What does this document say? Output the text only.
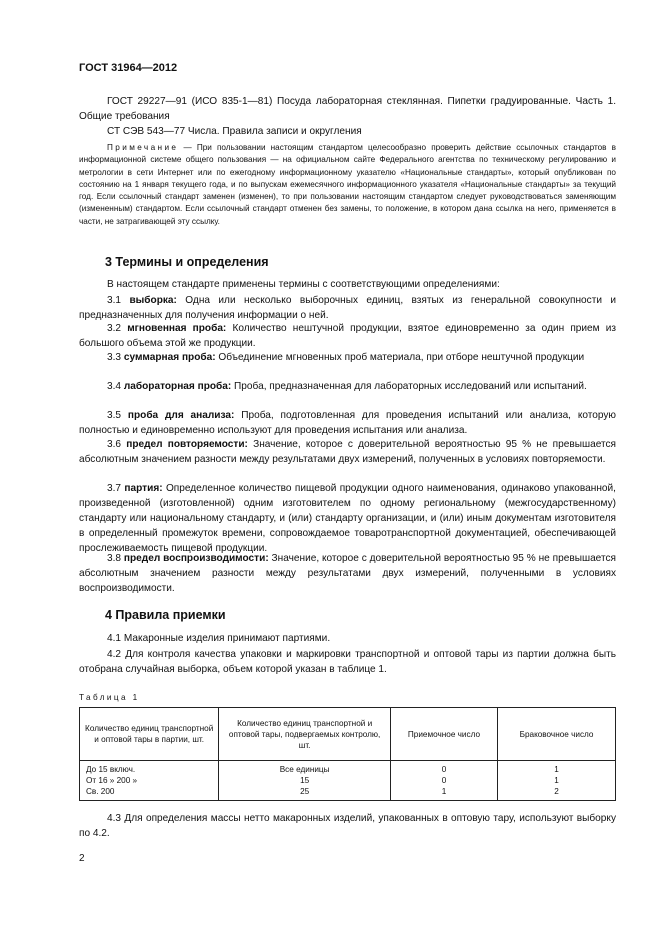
ГОСТ 31964—2012

ГОСТ 29227—91 (ИСО 835-1—81) Посуда лабораторная стеклянная. Пипетки градуированные. Часть 1. Общие требования

СТ СЭВ 543—77 Числа. Правила записи и округления

Примечание — При пользовании настоящим стандартом целесообразно проверить действие ссылочных стандартов в информационной системе общего пользования — на официальном сайте Федерального агентства по техническому регулированию и метрологии в сети Интернет или по ежегодному информационному указателю «Национальные стандарты», который опубликован по состоянию на 1 января текущего года, и по выпускам ежемесячного информационного указателя «Национальные стандарты» за текущий год. Если ссылочный стандарт заменен (изменен), то при пользовании настоящим стандартом следует руководствоваться заменяющим (измененным) стандартом. Если ссылочный стандарт отменен без замены, то положение, в котором дана ссылка на него, применяется в части, не затрагивающей эту ссылку.

3 Термины и определения

В настоящем стандарте применены термины с соответствующими определениями:

3.1 выборка: Одна или несколько выборочных единиц, взятых из генеральной совокупности и предназначенных для получения информации о ней.

3.2 мгновенная проба: Количество нештучной продукции, взятое единовременно за один прием из большого объема этой же продукции.

3.3 суммарная проба: Объединение мгновенных проб материала, при отборе нештучной продукции

3.4 лабораторная проба: Проба, предназначенная для лабораторных исследований или испытаний.

3.5 проба для анализа: Проба, подготовленная для проведения испытаний или анализа, которую полностью и единовременно используют для проведения испытания или анализа.

3.6 предел повторяемости: Значение, которое с доверительной вероятностью 95 % не превышается абсолютным значением разности между результатами двух измерений, полученных в условиях повторяемости.

3.7 партия: Определенное количество пищевой продукции одного наименования, одинаково упакованной, произведенной (изготовленной) одним изготовителем по одному региональному (межгосударственному) стандарту или национальному стандарту, и (или) стандарту организации, и (или) иным документам изготовителя в определенный промежуток времени, сопровождаемое товаротранспортной документацией, обеспечивающей прослеживаемость пищевой продукции.

3.8 предел воспроизводимости: Значение, которое с доверительной вероятностью 95 % не превышается абсолютным значением разности между результатами двух измерений, полученными в условиях воспроизводимости.

4 Правила приемки

4.1 Макаронные изделия принимают партиями.

4.2 Для контроля качества упаковки и маркировки транспортной и оптовой тары из партии должна быть отобрана случайная выборка, объем которой указан в таблице 1.

Таблица 1
Количество единиц транспортной и оптовой тары в партии, шт.	Количество единиц транспортной и оптовой тары, подвергаемых контролю, шт.	Приемочное число	Браковочное число
До 15 включ.	Все единицы	0	1
От 16 » 200 »	15	0	1
Св. 200	25	1	2

4.3 Для определения массы нетто макаронных изделий, упакованных в оптовую тару, используют выборку по 4.2.

2
